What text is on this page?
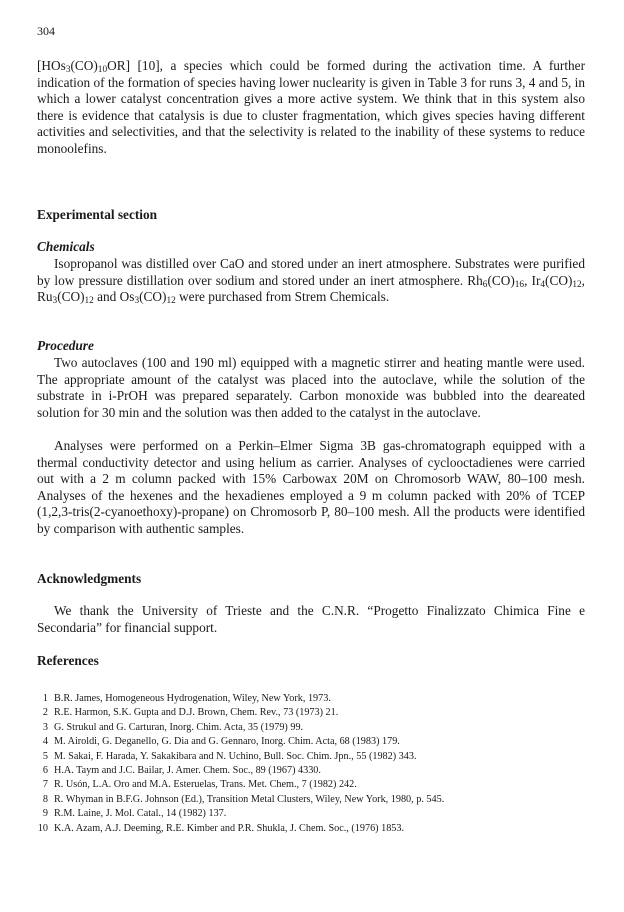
304

$[HOs_3(CO)_{10}OR]$ [10], a species which could be formed during the activation time. A further indication of the formation of species having lower nuclearity is given in Table 3 for runs 3, 4 and 5, in which a lower catalyst concentration gives a more active system. We think that in this system also there is evidence that catalysis is due to cluster fragmentation, which gives species having different activities and selectivities, and that the selectivity is related to the inability of these systems to reduce monoolefins.

Experimental section
Chemicals

Isopropanol was distilled over CaO and stored under an inert atmosphere. Substrates were purified by low pressure distillation over sodium and stored under an inert atmosphere. $Rh_6(CO)_{16}$, $Ir_4(CO)_{12}$, $Ru_3(CO)_{12}$ and $Os_3(CO)_{12}$ were purchased from Strem Chemicals.

Procedure

Two autoclaves (100 and 190 ml) equipped with a magnetic stirrer and heating mantle were used. The appropriate amount of the catalyst was placed into the autoclave, while the solution of the substrate in i-PrOH was prepared separately. Carbon monoxide was bubbled into the deareated solution for 30 min and the solution was then added to the catalyst in the autoclave.

Analyses were performed on a Perkin–Elmer Sigma 3B gas-chromatograph equipped with a thermal conductivity detector and using helium as carrier. Analyses of cyclooctadienes were carried out with a 2 m column packed with 15% Carbowax 20M on Chromosorb WAW, 80–100 mesh. Analyses of the hexenes and the hexadienes employed a 9 m column packed with 20% of TCEP (1,2,3-tris(2-cyanoethoxy)-propane) on Chromosorb P, 80–100 mesh. All the products were identified by comparison with authentic samples.

Acknowledgments

We thank the University of Trieste and the C.N.R. “Progetto Finalizzato Chimica Fine e Secondaria” for financial support.

References
1 B.R. James, Homogeneous Hydrogenation, Wiley, New York, 1973.
2 R.E. Harmon, S.K. Gupta and D.J. Brown, Chem. Rev., 73 (1973) 21.
3 G. Strukul and G. Carturan, Inorg. Chim. Acta, 35 (1979) 99.
4 M. Airoldi, G. Deganello, G. Dia and G. Gennaro, Inorg. Chim. Acta, 68 (1983) 179.
5 M. Sakai, F. Harada, Y. Sakakibara and N. Uchino, Bull. Soc. Chim. Jpn., 55 (1982) 343.
6 H.A. Taym and J.C. Bailar, J. Amer. Chem. Soc., 89 (1967) 4330.
7 R. Usón, L.A. Oro and M.A. Esteruelas, Trans. Met. Chem., 7 (1982) 242.
8 R. Whyman in B.F.G. Johnson (Ed.), Transition Metal Clusters, Wiley, New York, 1980, p. 545.
9 R.M. Laine, J. Mol. Catal., 14 (1982) 137.
10 K.A. Azam, A.J. Deeming, R.E. Kimber and P.R. Shukla, J. Chem. Soc., (1976) 1853.
